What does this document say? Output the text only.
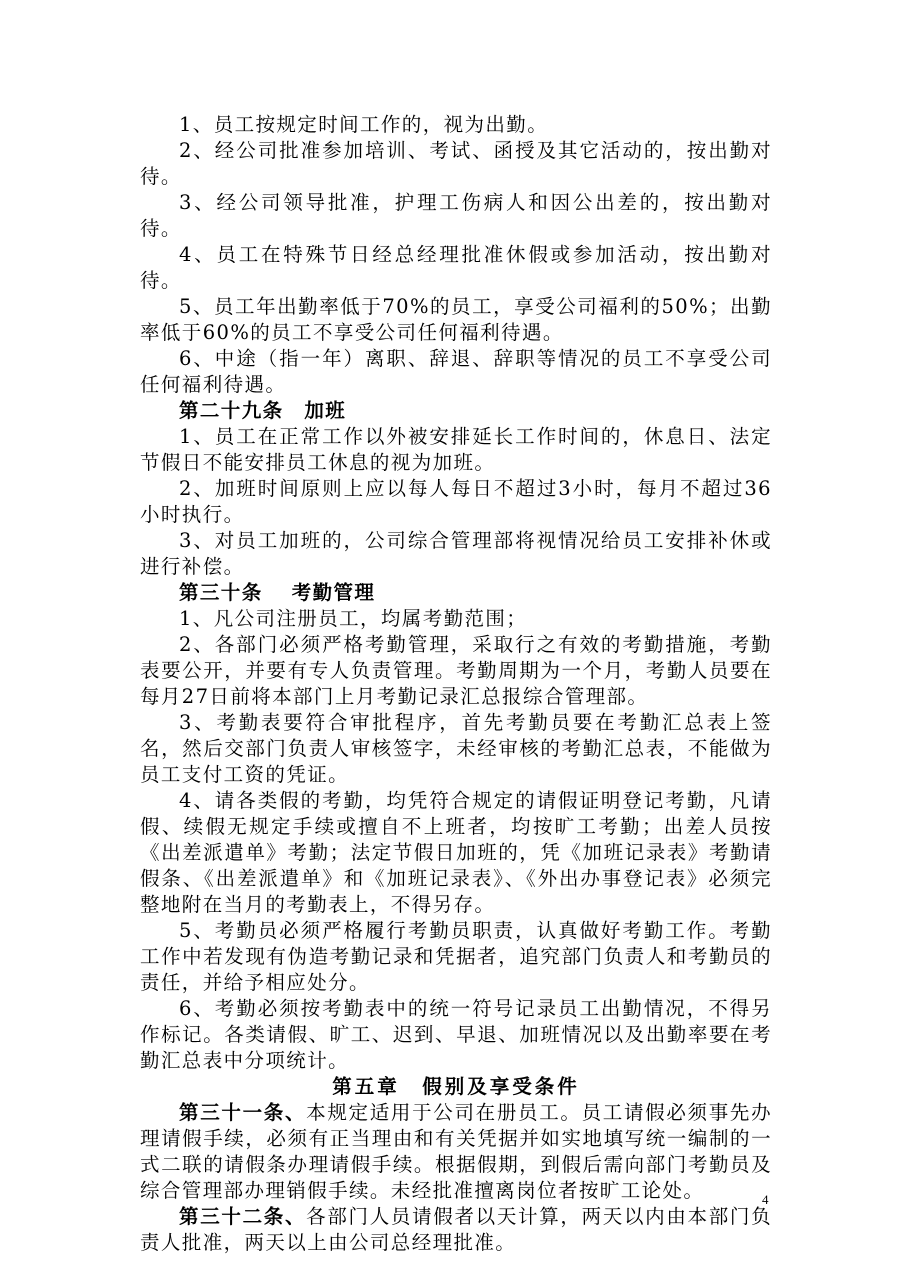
1、员工按规定时间工作的，视为出勤。

2、经公司批准参加培训、考试、函授及其它活动的，按出勤对待。

3、经公司领导批准，护理工伤病人和因公出差的，按出勤对待。

4、员工在特殊节日经总经理批准休假或参加活动，按出勤对待。

5、员工年出勤率低于70%的员工，享受公司福利的50%；出勤率低于60%的员工不享受公司任何福利待遇。

6、中途（指一年）离职、辞退、辞职等情况的员工不享受公司任何福利待遇。

第二十九条　加班

1、员工在正常工作以外被安排延长工作时间的，休息日、法定节假日不能安排员工休息的视为加班。

2、加班时间原则上应以每人每日不超过3小时，每月不超过36小时执行。

3、对员工加班的，公司综合管理部将视情况给员工安排补休或进行补偿。

第三十条　 考勤管理

1、凡公司注册员工，均属考勤范围；

2、各部门必须严格考勤管理，采取行之有效的考勤措施，考勤表要公开，并要有专人负责管理。考勤周期为一个月，考勤人员要在每月27日前将本部门上月考勤记录汇总报综合管理部。

3、考勤表要符合审批程序，首先考勤员要在考勤汇总表上签名，然后交部门负责人审核签字，未经审核的考勤汇总表，不能做为员工支付工资的凭证。

4、请各类假的考勤，均凭符合规定的请假证明登记考勤，凡请假、续假无规定手续或擅自不上班者，均按旷工考勤；出差人员按《出差派遣单》考勤；法定节假日加班的，凭《加班记录表》考勤请假条、《出差派遣单》和《加班记录表》、《外出办事登记表》必须完整地附在当月的考勤表上，不得另存。

5、考勤员必须严格履行考勤员职责，认真做好考勤工作。考勤工作中若发现有伪造考勤记录和凭据者，追究部门负责人和考勤员的责任，并给予相应处分。

6、考勤必须按考勤表中的统一符号记录员工出勤情况，不得另作标记。各类请假、旷工、迟到、早退、加班情况以及出勤率要在考勤汇总表中分项统计。

第五章　假别及享受条件

第三十一条、本规定适用于公司在册员工。员工请假必须事先办理请假手续，必须有正当理由和有关凭据并如实地填写统一编制的一式二联的请假条办理请假手续。根据假期，到假后需向部门考勤员及综合管理部办理销假手续。未经批准擅离岗位者按旷工论处。

第三十二条、各部门人员请假者以天计算，两天以内由本部门负责人批准，两天以上由公司总经理批准。

4
